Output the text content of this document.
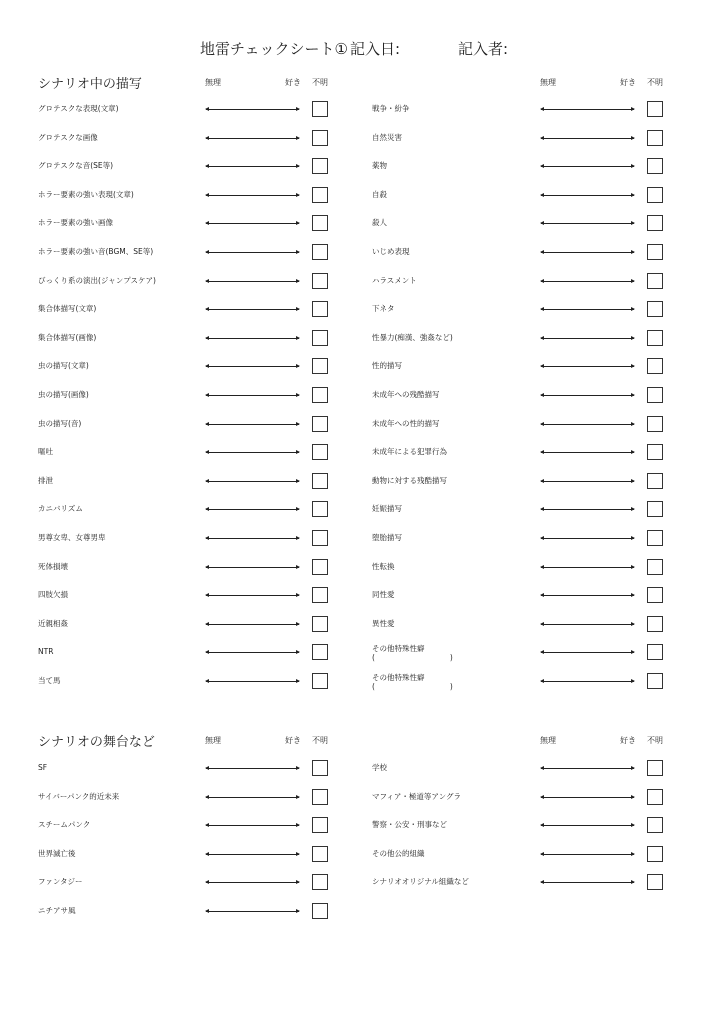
地雷チェックシート① 記入日:	記入者:
シナリオ中の描写	無理	好き 不明	無理	好き 不明
グロテスクな表現(文章)
グロテスクな画像
グロテスクな音(SE等)
ホラー要素の強い表現(文章)
ホラー要素の強い画像
ホラー要素の強い音(BGM、SE等)
びっくり系の演出(ジャンプスケア)
集合体描写(文章)
集合体描写(画像)
虫の描写(文章)
虫の描写(画像)
虫の描写(音)
嘔吐
排泄
カニバリズム
男尊女卑、女尊男卑
死体損壊
四肢欠損
近親相姦
NTR
当て馬
戦争・紛争
自然災害
薬物
自殺
殺人
いじめ表現
ハラスメント
下ネタ
性暴力(痴漢、強姦など)
性的描写
未成年への残酷描写
未成年への性的描写
未成年による犯罪行為
動物に対する残酷描写
妊娠描写
堕胎描写
性転換
同性愛
異性愛
その他特殊性癖
(　　　　　　　　　　)
その他特殊性癖
(　　　　　　　　　　)
シナリオの舞台など	無理	好き 不明	無理	好き 不明
SF
サイバーパンク的近未来
スチームパンク
世界滅亡後
ファンタジー
ニチアサ風
学校
マフィア・極道等アングラ
警察・公安・刑事など
その他公的組織
シナリオオリジナル組織など
